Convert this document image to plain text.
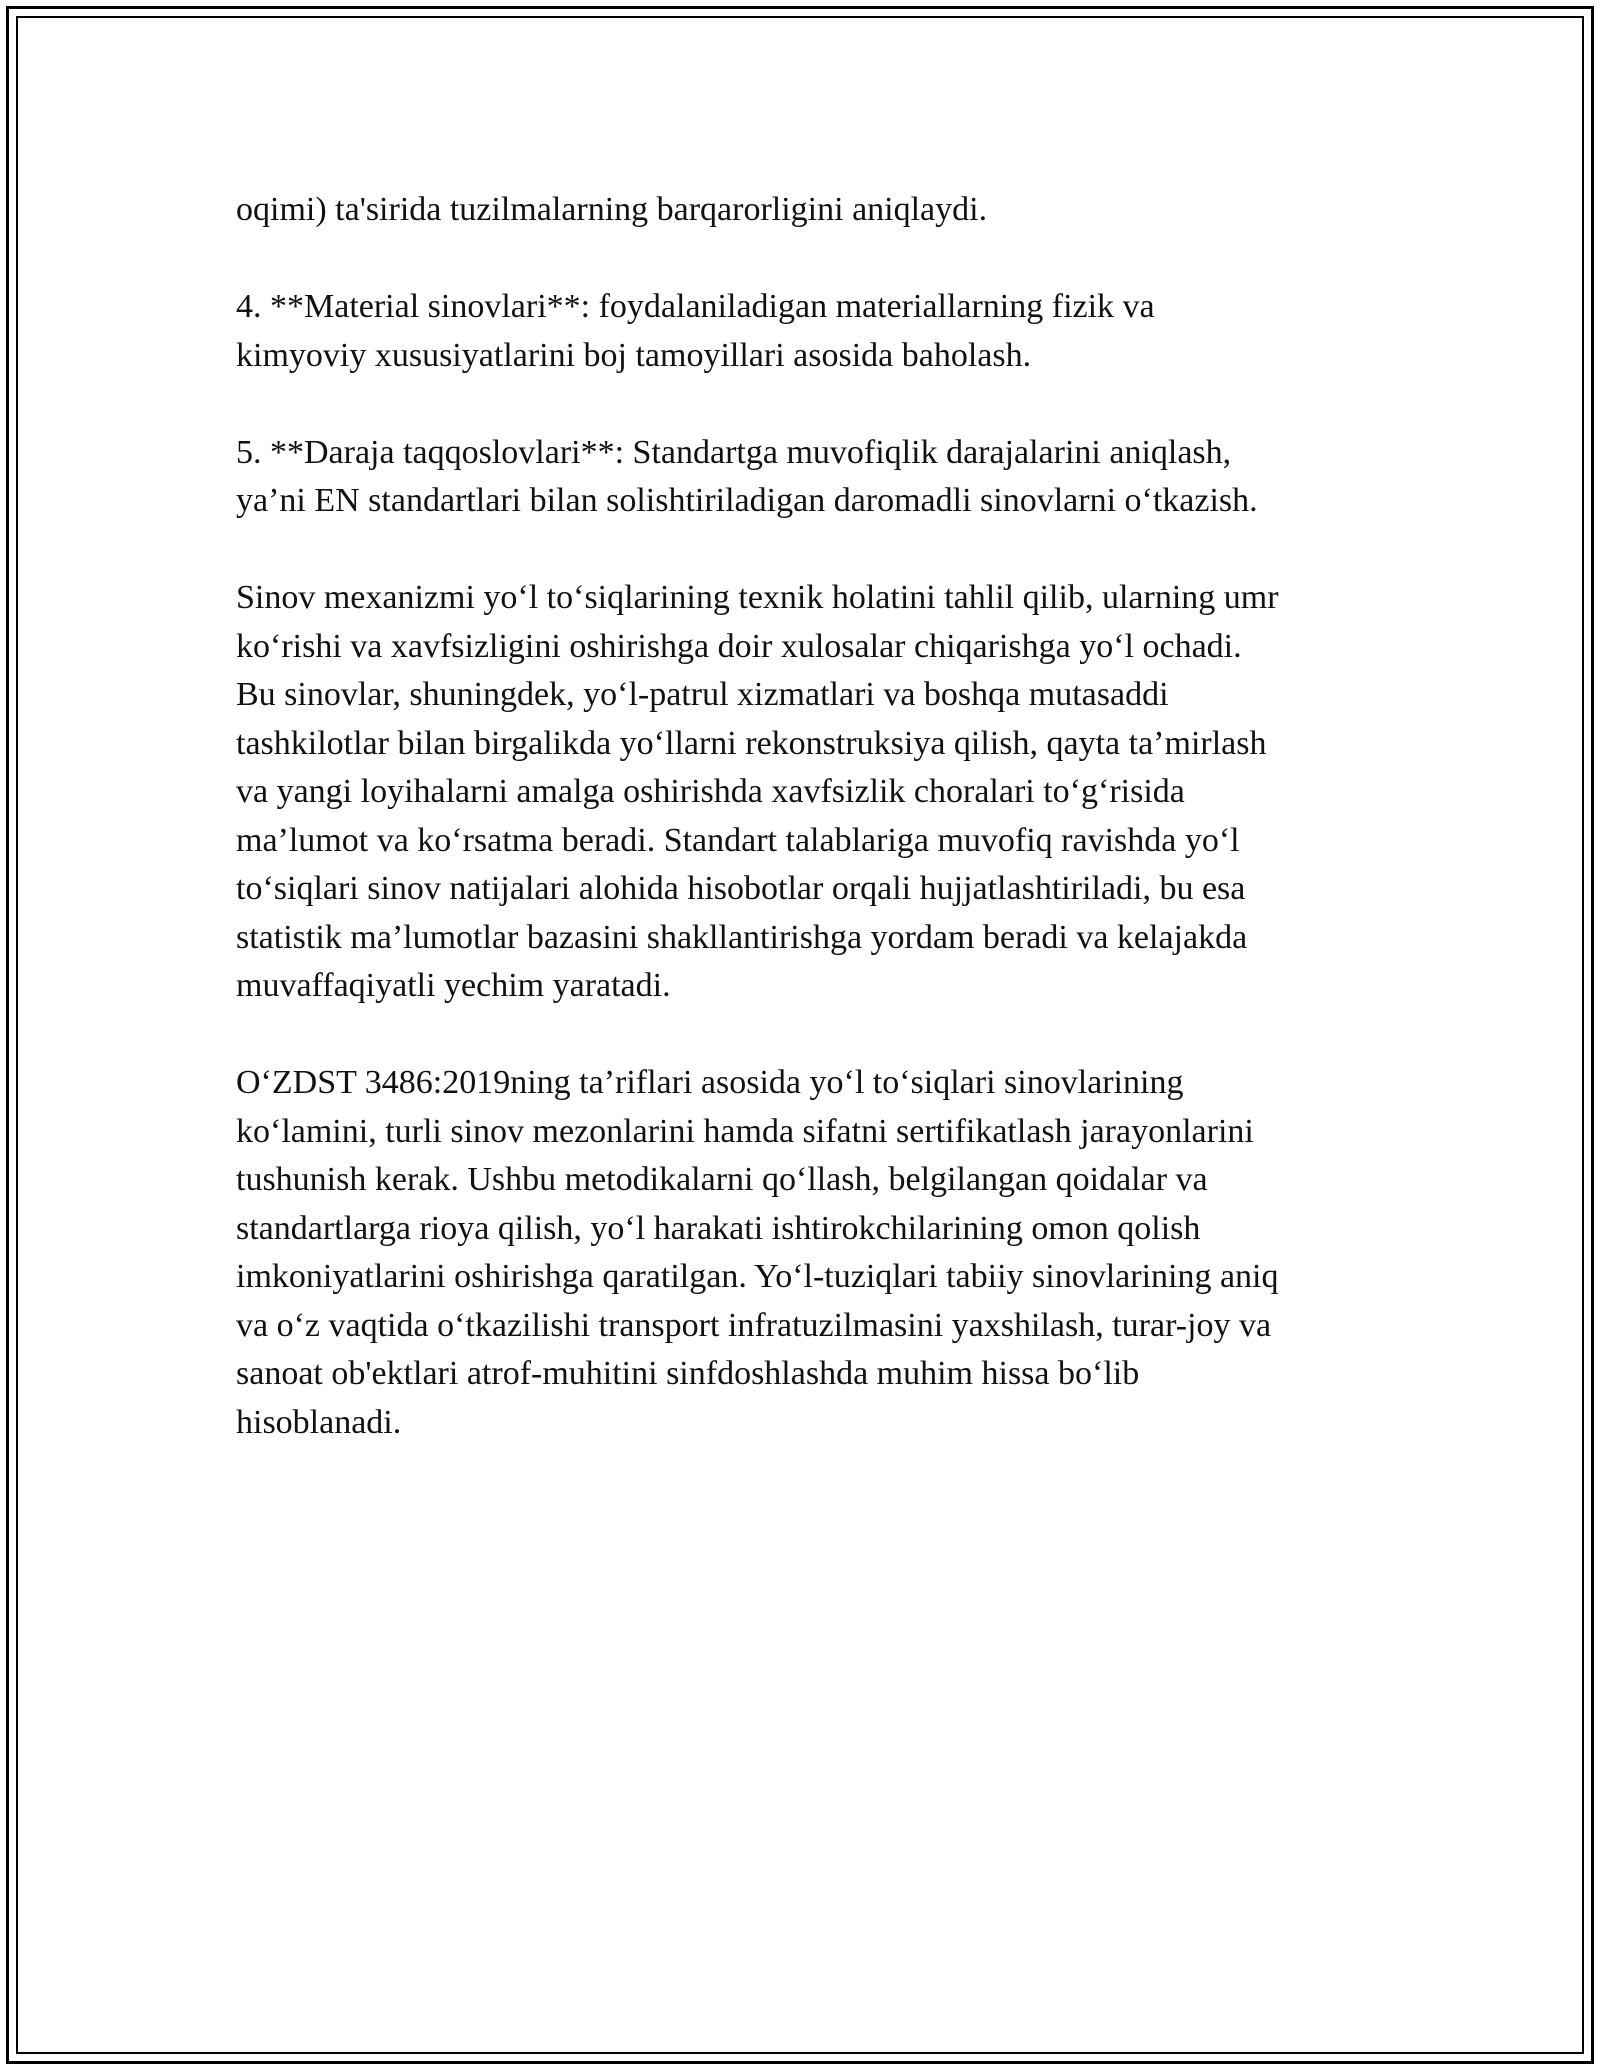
oqimi) ta'sirida tuzilmalarning barqarorligini aniqlaydi.

4. **Material sinovlari**: foydalaniladigan materiallarning fizik va
kimyoviy xususiyatlarini boj tamoyillari asosida baholash.

5. **Daraja taqqoslovlari**: Standartga muvofiqlik darajalarini aniqlash,
ya’ni EN standartlari bilan solishtiriladigan daromadli sinovlarni oʻtkazish.

Sinov mexanizmi yoʻl toʻsiqlarining texnik holatini tahlil qilib, ularning umr
koʻrishi va xavfsizligini oshirishga doir xulosalar chiqarishga yoʻl ochadi.
Bu sinovlar, shuningdek, yoʻl-patrul xizmatlari va boshqa mutasaddi
tashkilotlar bilan birgalikda yoʻllarni rekonstruksiya qilish, qayta ta’mirlash
va yangi loyihalarni amalga oshirishda xavfsizlik choralari toʻgʻrisida
ma’lumot va koʻrsatma beradi. Standart talablariga muvofiq ravishda yoʻl
toʻsiqlari sinov natijalari alohida hisobotlar orqali hujjatlashtiriladi, bu esa
statistik ma’lumotlar bazasini shakllantirishga yordam beradi va kelajakda
muvaffaqiyatli yechim yaratadi.

OʻZDST 3486:2019ning ta’riflari asosida yoʻl toʻsiqlari sinovlarining
koʻlamini, turli sinov mezonlarini hamda sifatni sertifikatlash jarayonlarini
tushunish kerak. Ushbu metodikalarni qoʻllash, belgilangan qoidalar va
standartlarga rioya qilish, yoʻl harakati ishtirokchilarining omon qolish
imkoniyatlarini oshirishga qaratilgan. Yoʻl-tuziqlari tabiiy sinovlarining aniq
va oʻz vaqtida oʻtkazilishi transport infratuzilmasini yaxshilash, turar-joy va
sanoat ob'ektlari atrof-muhitini sinfdoshlashda muhim hissa boʻlib
hisoblanadi.
